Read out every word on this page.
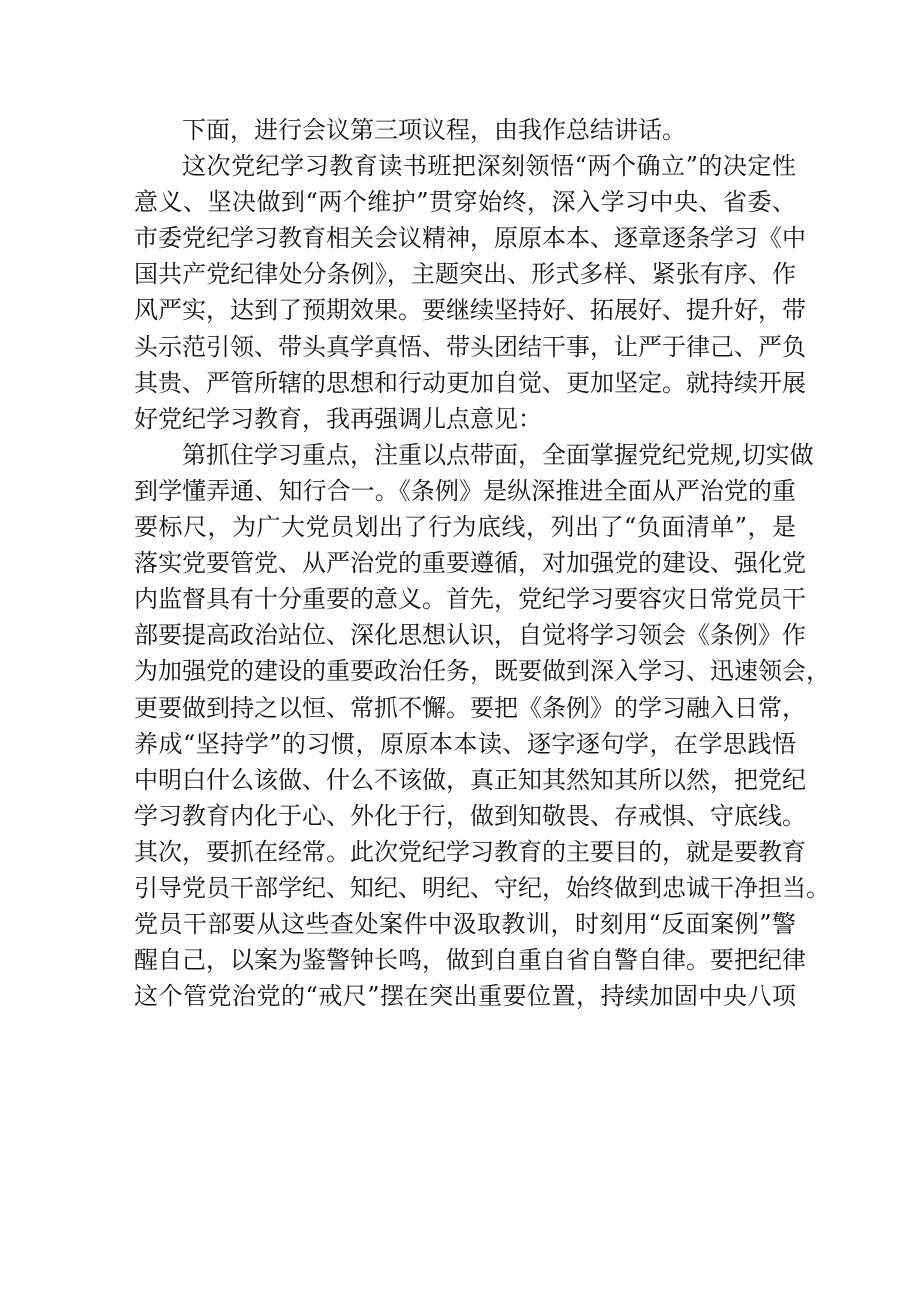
下面，进行会议第三项议程，由我作总结讲话。
这次党纪学习教育读书班把深刻领悟“两个确立”的决定性
意义、坚决做到“两个维护”贯穿始终，深入学习中央、省委、
市委党纪学习教育相关会议精神，原原本本、逐章逐条学习《中
国共产党纪律处分条例》，主题突出、形式多样、紧张有序、作
风严实，达到了预期效果。要继续坚持好、拓展好、提升好，带
头示范引领、带头真学真悟、带头团结干事，让严于律己、严负
其贵、严管所辖的思想和行动更加自觉、更加坚定。就持续开展
好党纪学习教育，我再强调儿点意见：
第抓住学习重点，注重以点带面，全面掌握党纪党规,切实做
到学懂弄通、知行合一。《条例》是纵深推进全面从严治党的重
要标尺，为广大党员划出了行为底线，列出了“负面清单”，是
落实党要管党、从严治党的重要遵循，对加强党的建设、强化党
内监督具有十分重要的意义。首先，党纪学习要容灾日常党员干
部要提高政治站位、深化思想认识，自觉将学习领会《条例》作
为加强党的建设的重要政治任务，既要做到深入学习、迅速领会，
更要做到持之以恒、常抓不懈。要把《条例》的学习融入日常，
养成“坚持学”的习惯，原原本本读、逐字逐句学，在学思践悟
中明白什么该做、什么不该做，真正知其然知其所以然，把党纪
学习教育内化于心、外化于行，做到知敬畏、存戒惧、守底线。
其次，要抓在经常。此次党纪学习教育的主要目的，就是要教育
引导党员干部学纪、知纪、明纪、守纪，始终做到忠诚干净担当。
党员干部要从这些查处案件中汲取教训，时刻用“反面案例”警
醒自己，以案为鉴警钟长鸣，做到自重自省自警自律。要把纪律
这个管党治党的“戒尺”摆在突出重要位置，持续加固中央八项
